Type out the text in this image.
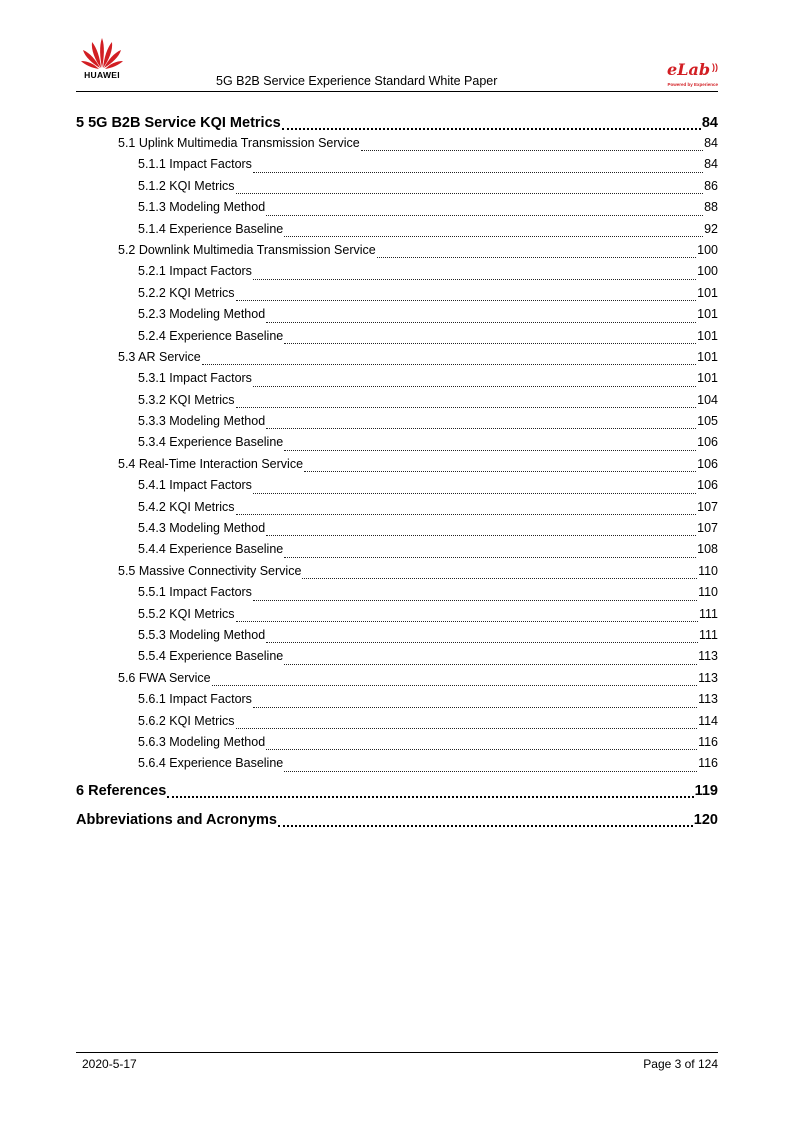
HUAWEI	5G B2B Service Experience Standard White Paper
eLab ))
Powered by Experience
5 5G B2B Service KQI Metrics	84
5.1 Uplink Multimedia Transmission Service	84
5.1.1 Impact Factors	84
5.1.2 KQI Metrics	86
5.1.3 Modeling Method	88
5.1.4 Experience Baseline	92
5.2 Downlink Multimedia Transmission Service	100
5.2.1 Impact Factors	100
5.2.2 KQI Metrics	101
5.2.3 Modeling Method	101
5.2.4 Experience Baseline	101
5.3 AR Service	101
5.3.1 Impact Factors	101
5.3.2 KQI Metrics	104
5.3.3 Modeling Method	105
5.3.4 Experience Baseline	106
5.4 Real-Time Interaction Service	106
5.4.1 Impact Factors	106
5.4.2 KQI Metrics	107
5.4.3 Modeling Method	107
5.4.4 Experience Baseline	108
5.5 Massive Connectivity Service	110
5.5.1 Impact Factors	110
5.5.2 KQI Metrics	111
5.5.3 Modeling Method	111
5.5.4 Experience Baseline	113
5.6 FWA Service	113
5.6.1 Impact Factors	113
5.6.2 KQI Metrics	114
5.6.3 Modeling Method	116
5.6.4 Experience Baseline	116
6 References	119
Abbreviations and Acronyms	120
2020-5-17	Page 3 of 124
